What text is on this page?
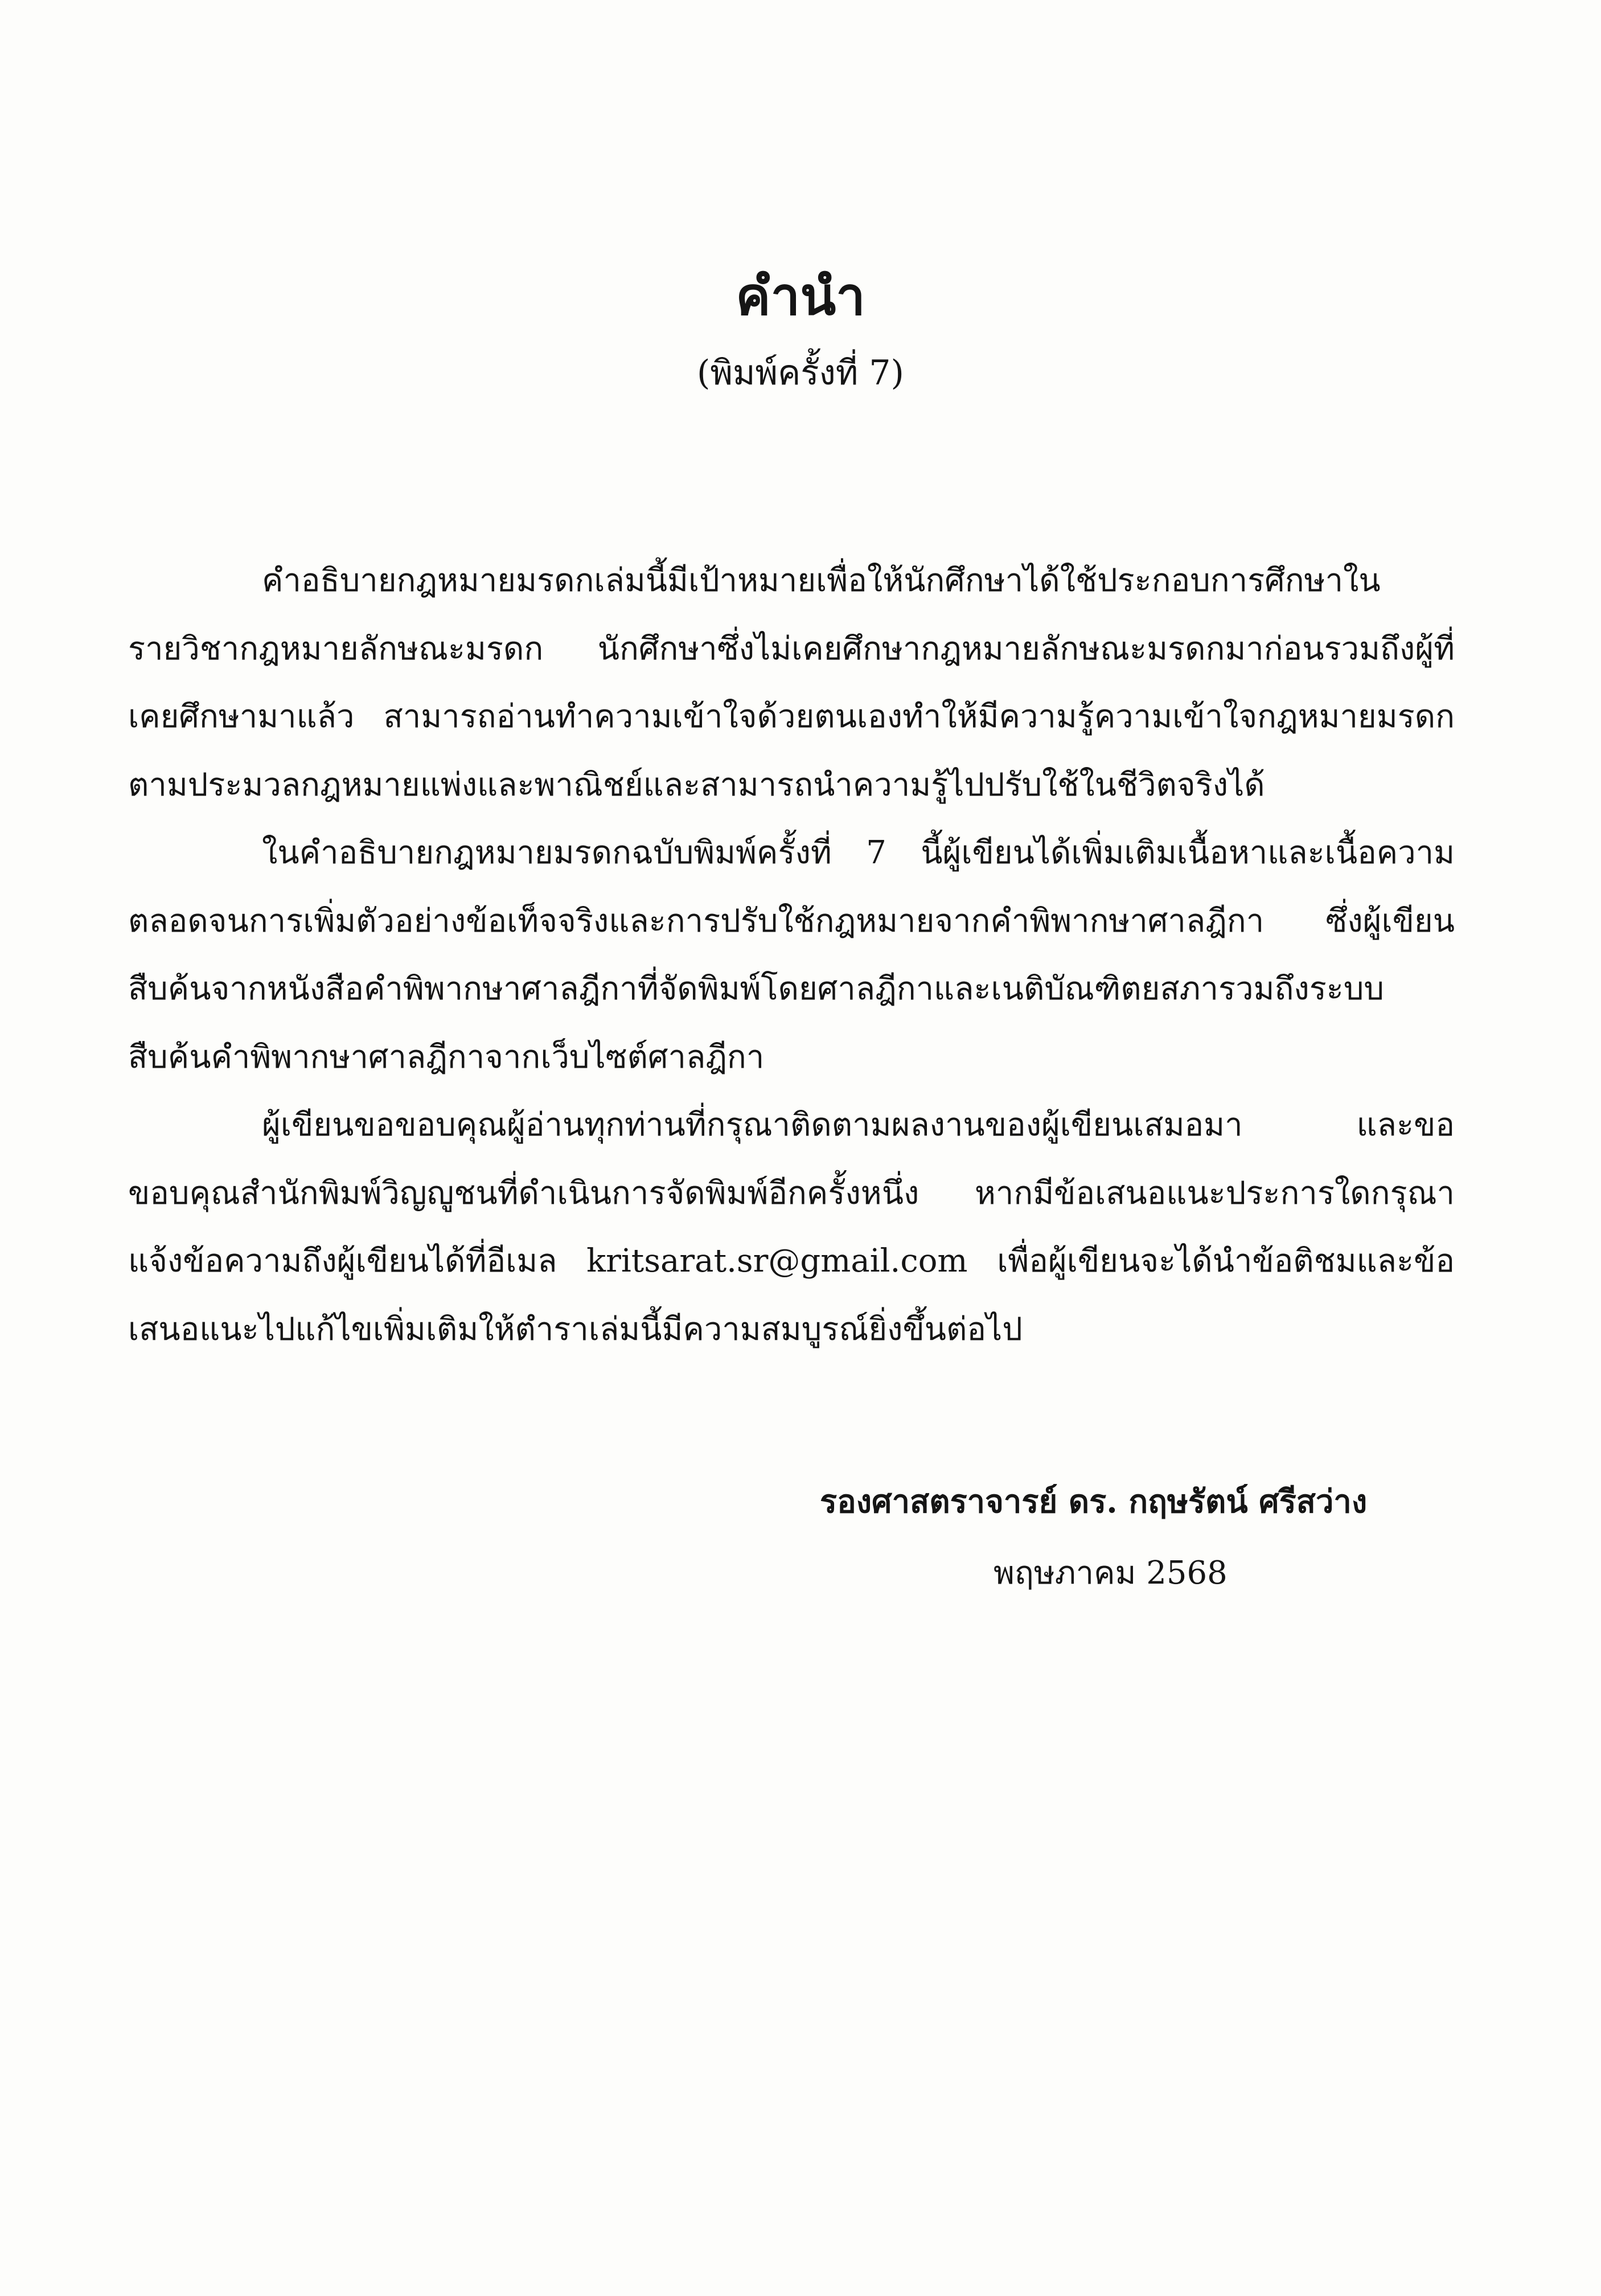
คำนำ
(พิมพ์ครั้งที่ 7)

คำอธิบายกฎหมายมรดกเล่มนี้มีเป้าหมายเพื่อให้นักศึกษาได้ใช้ประกอบการศึกษาในรายวิชากฎหมายลักษณะมรดก นักศึกษาซึ่งไม่เคยศึกษากฎหมายลักษณะมรดกมาก่อนรวมถึงผู้ที่เคยศึกษามาแล้ว สามารถอ่านทำความเข้าใจด้วยตนเองทำให้มีความรู้ความเข้าใจกฎหมายมรดกตามประมวลกฎหมายแพ่งและพาณิชย์และสามารถนำความรู้ไปปรับใช้ในชีวิตจริงได้

ในคำอธิบายกฎหมายมรดกฉบับพิมพ์ครั้งที่ 7 นี้ผู้เขียนได้เพิ่มเติมเนื้อหาและเนื้อความตลอดจนการเพิ่มตัวอย่างข้อเท็จจริงและการปรับใช้กฎหมายจากคำพิพากษาศาลฎีกา ซึ่งผู้เขียนสืบค้นจากหนังสือคำพิพากษาศาลฎีกาที่จัดพิมพ์โดยศาลฎีกาและเนติบัณฑิตยสภารวมถึงระบบสืบค้นคำพิพากษาศาลฎีกาจากเว็บไซต์ศาลฎีกา

ผู้เขียนขอขอบคุณผู้อ่านทุกท่านที่กรุณาติดตามผลงานของผู้เขียนเสมอมา และขอขอบคุณสำนักพิมพ์วิญญูชนที่ดำเนินการจัดพิมพ์อีกครั้งหนึ่ง หากมีข้อเสนอแนะประการใดกรุณาแจ้งข้อความถึงผู้เขียนได้ที่อีเมล kritsarat.sr@gmail.com เพื่อผู้เขียนจะได้นำข้อติชมและข้อเสนอแนะไปแก้ไขเพิ่มเติมให้ตำราเล่มนี้มีความสมบูรณ์ยิ่งขึ้นต่อไป

รองศาสตราจารย์ ดร. กฤษรัตน์ ศรีสว่าง

พฤษภาคม 2568
